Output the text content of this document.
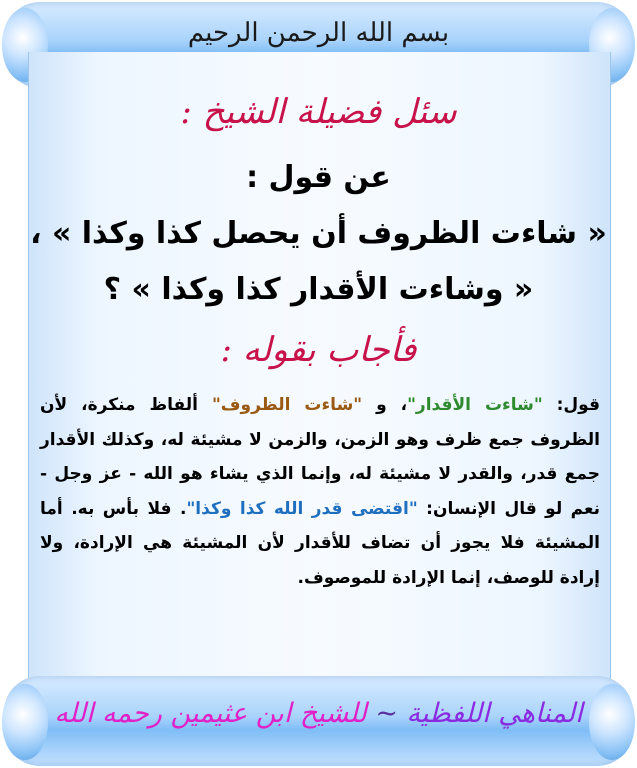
بسم الله الرحمن الرحيم
سئل فضيلة الشيخ :
عن قول :
« شاءت الظروف أن يحصل كذا وكذا » ،
« وشاءت الأقدار كذا وكذا » ؟
فأجاب بقوله :
قول: "شاءت الأقدار"، و "شاءت الظروف" ألفاظ منكرة، لأن الظروف جمع ظرف وهو الزمن، والزمن لا مشيئة له، وكذلك الأقدار جمع قدر، والقدر لا مشيئة له، وإنما الذي يشاء هو الله - عز وجل - نعم لو قال الإنسان: "اقتضى قدر الله كذا وكذا". فلا بأس به. أما المشيئة فلا يجوز أن تضاف للأقدار لأن المشيئة هي الإرادة، ولا إرادة للوصف، إنما الإرادة للموصوف.
المناهي اللفظية ~ للشيخ ابن عثيمين رحمه الله
